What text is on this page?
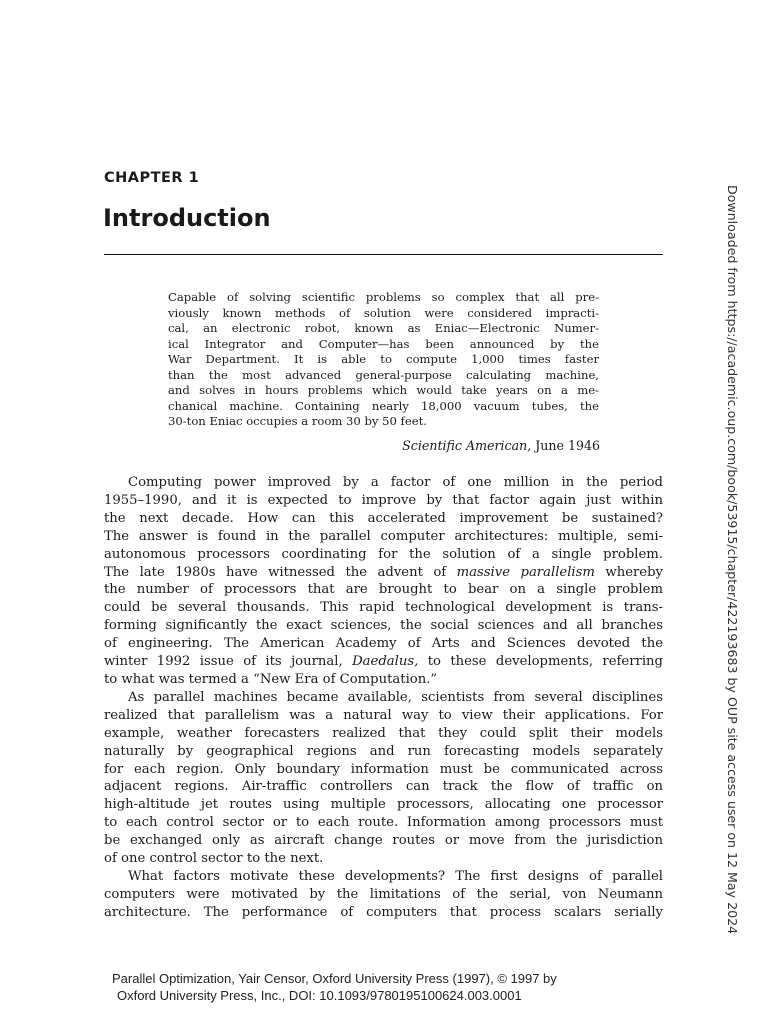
CHAPTER 1
Introduction
Capable of solving scientific problems so complex that all pre-
viously known methods of solution were considered impracti-
cal, an electronic robot, known as Eniac—Electronic Numer-
ical Integrator and Computer—has been announced by the
War Department. It is able to compute 1,000 times faster
than the most advanced general-purpose calculating machine,
and solves in hours problems which would take years on a me-
chanical machine. Containing nearly 18,000 vacuum tubes, the
30-ton Eniac occupies a room 30 by 50 feet.
Scientific American, June 1946
Computing power improved by a factor of one million in the period
1955–1990, and it is expected to improve by that factor again just within
the next decade. How can this accelerated improvement be sustained?
The answer is found in the parallel computer architectures: multiple, semi-
autonomous processors coordinating for the solution of a single problem.
The late 1980s have witnessed the advent of massive parallelism whereby
the number of processors that are brought to bear on a single problem
could be several thousands. This rapid technological development is trans-
forming significantly the exact sciences, the social sciences and all branches
of engineering. The American Academy of Arts and Sciences devoted the
winter 1992 issue of its journal, Daedalus, to these developments, referring
to what was termed a “New Era of Computation.”
As parallel machines became available, scientists from several disciplines
realized that parallelism was a natural way to view their applications. For
example, weather forecasters realized that they could split their models
naturally by geographical regions and run forecasting models separately
for each region. Only boundary information must be communicated across
adjacent regions. Air-traffic controllers can track the flow of traffic on
high-altitude jet routes using multiple processors, allocating one processor
to each control sector or to each route. Information among processors must
be exchanged only as aircraft change routes or move from the jurisdiction
of one control sector to the next.
What factors motivate these developments? The first designs of parallel
computers were motivated by the limitations of the serial, von Neumann
architecture. The performance of computers that process scalars serially	Downloaded from https://academic.oup.com/book/53915/chapter/422193683 by OUP site access user on 12 May 2024
Parallel Optimization, Yair Censor, Oxford University Press (1997), © 1997 by
Oxford University Press, Inc., DOI: 10.1093/9780195100624.003.0001
